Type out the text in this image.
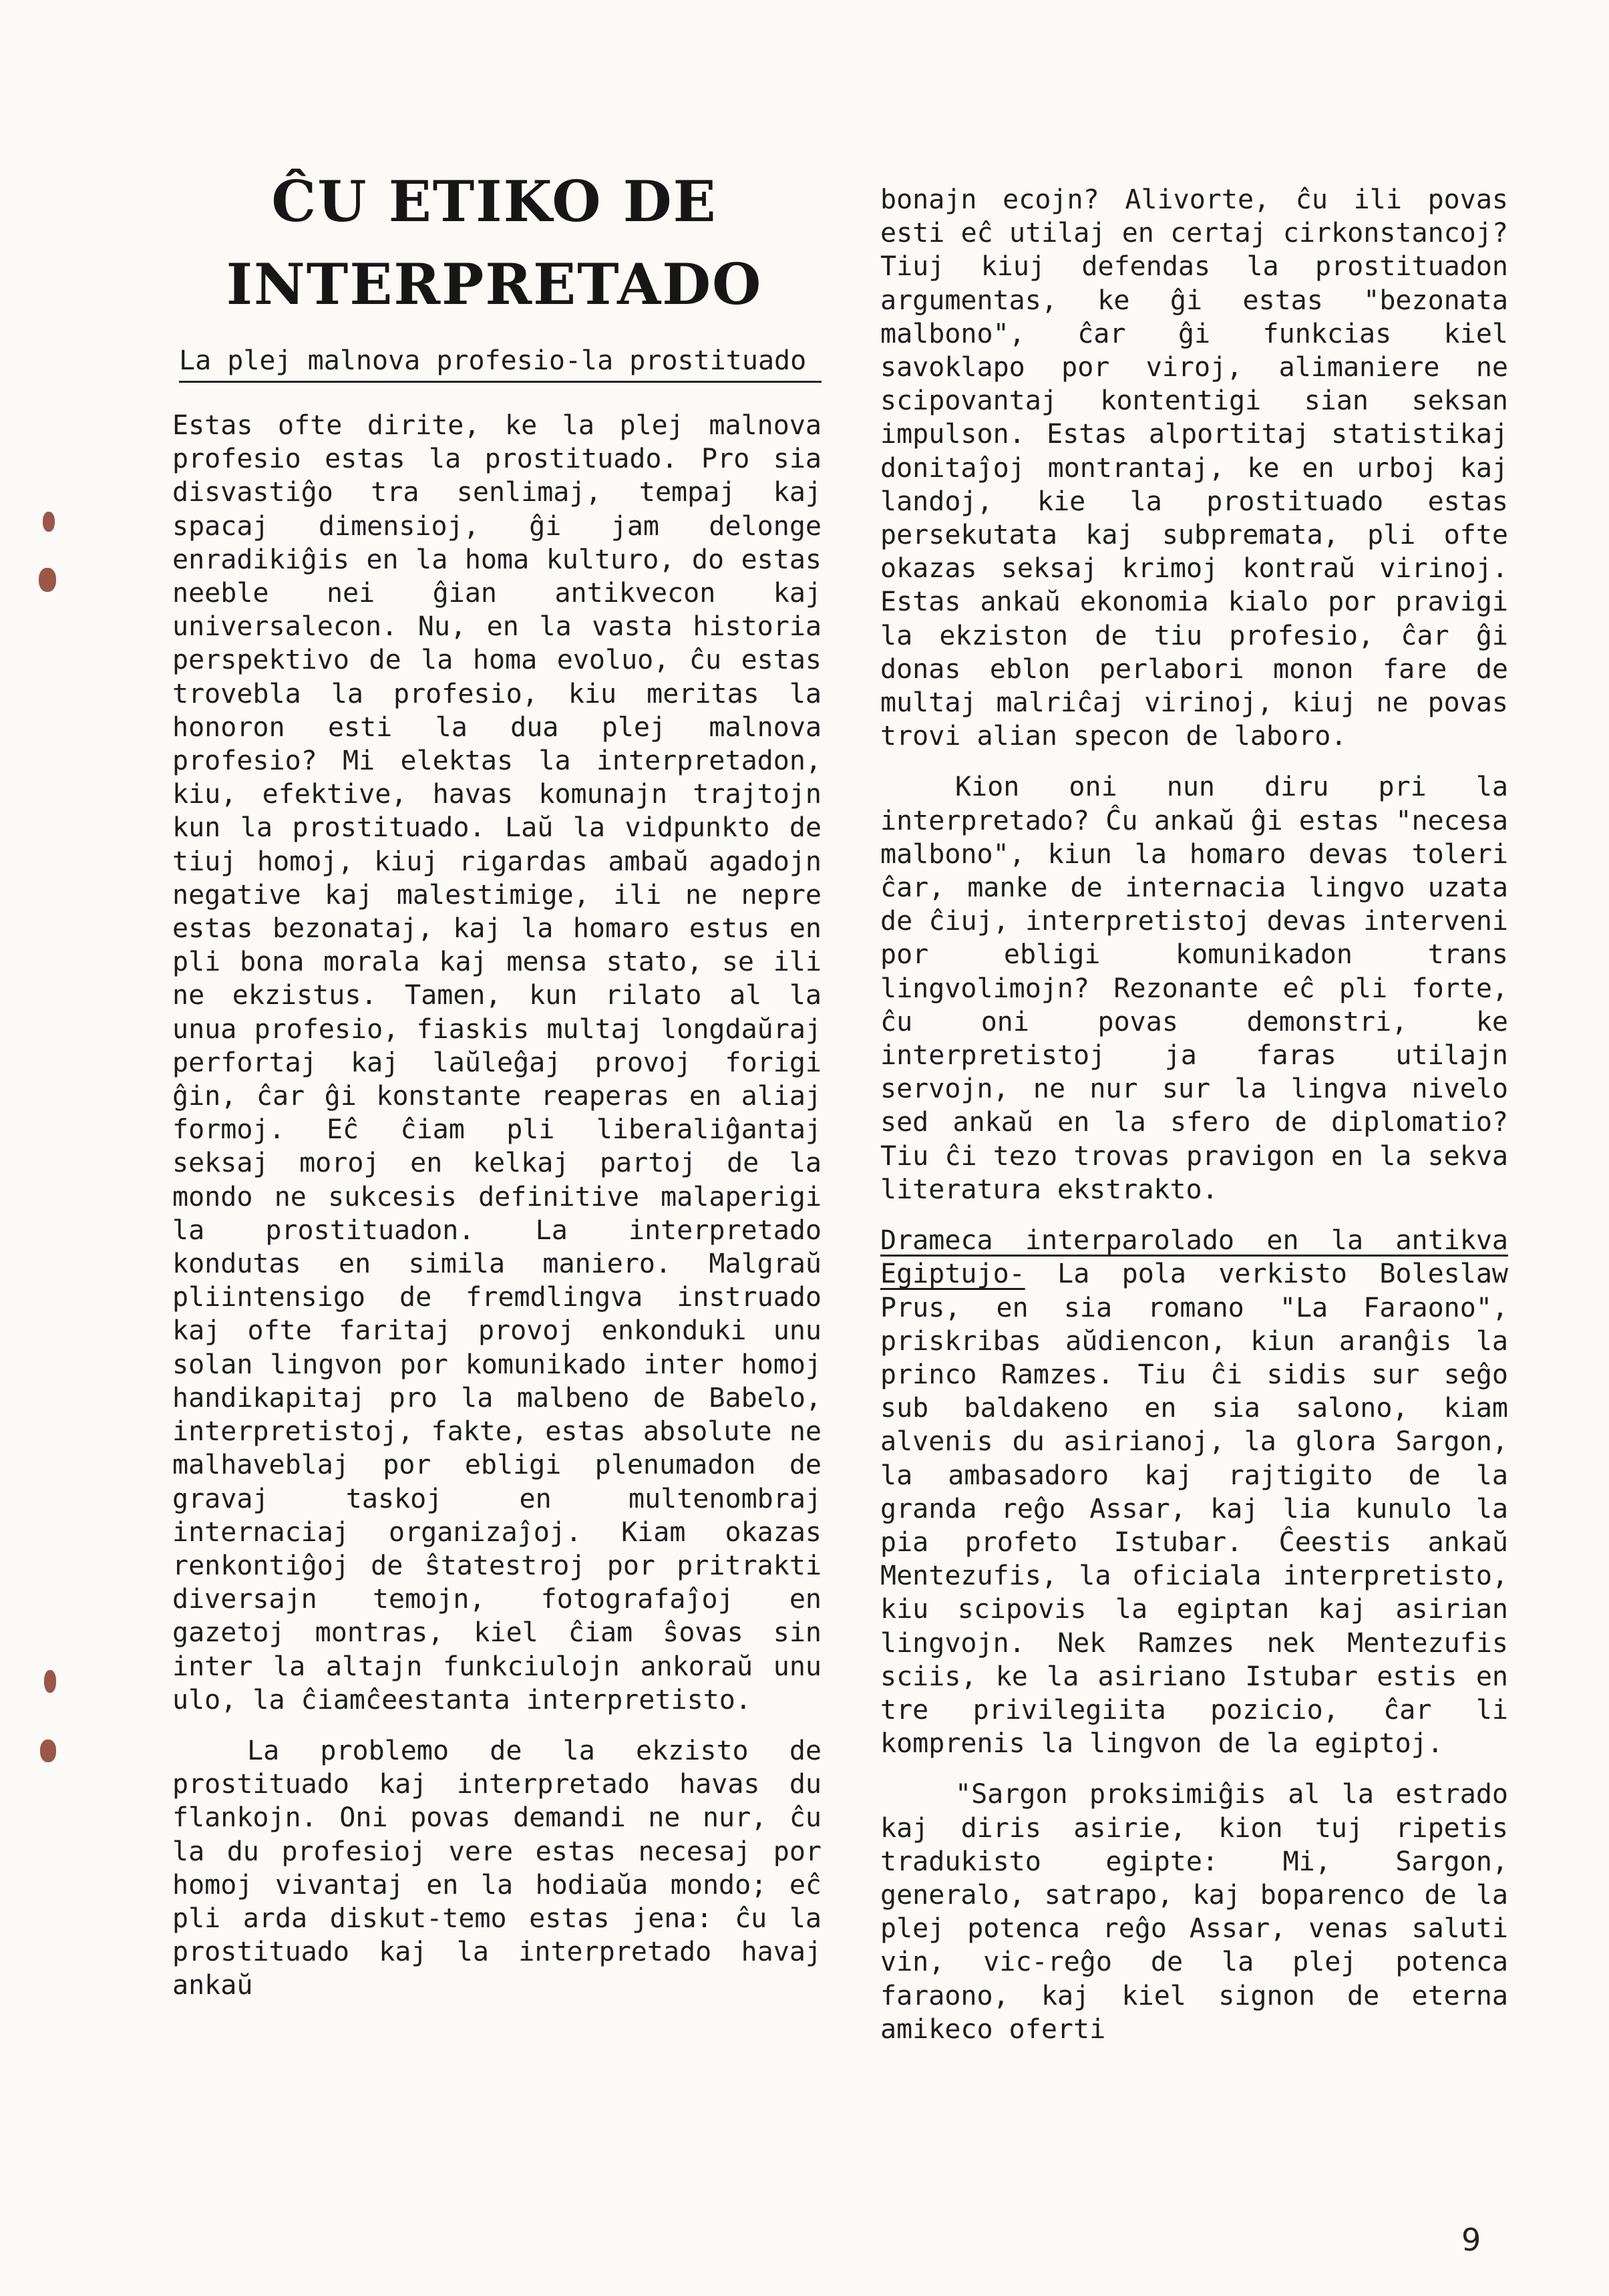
ĈU ETIKO DE
INTERPRETADO
La plej malnova profesio-la prostituado

Estas ofte dirite, ke la plej malnova profesio estas la prostituado. Pro sia disvastiĝo tra senlimaj, tempaj kaj spacaj dimensioj, ĝi jam delonge enradikiĝis en la homa kulturo, do estas neeble nei ĝian antikvecon kaj universalecon. Nu, en la vasta historia perspektivo de la homa evoluo, ĉu estas trovebla la profesio, kiu meritas la honoron esti la dua plej malnova profesio? Mi elektas la interpretadon, kiu, efektive, havas komunajn trajtojn kun la prostituado. Laŭ la vidpunkto de tiuj homoj, kiuj rigardas ambaŭ agadojn negative kaj malestimige, ili ne nepre estas bezonataj, kaj la homaro estus en pli bona morala kaj mensa stato, se ili ne ekzistus. Tamen, kun rilato al la unua profesio, fiaskis multaj longdaŭraj perfortaj kaj laŭleĝaj provoj forigi ĝin, ĉar ĝi konstante reaperas en aliaj formoj. Eĉ ĉiam pli liberaliĝantaj seksaj moroj en kelkaj partoj de la mondo ne sukcesis definitive malaperigi la prostituadon. La interpretado kondutas en simila maniero. Malgraŭ pliintensigo de fremdlingva instruado kaj ofte faritaj provoj enkonduki unu solan lingvon por komunikado inter homoj handikapitaj pro la malbeno de Babelo, interpretistoj, fakte, estas absolute ne malhaveblaj por ebligi plenumadon de gravaj taskoj en multenombraj internaciaj organizaĵoj. Kiam okazas renkontiĝoj de ŝtatestroj por pritrakti diversajn temojn, fotografaĵoj en gazetoj montras, kiel ĉiam ŝovas sin inter la altajn funkciulojn ankoraŭ unu ulo, la ĉiamĉeestanta interpretisto.

La problemo de la ekzisto de prostituado kaj interpretado havas du flankojn. Oni povas demandi ne nur, ĉu la du profesioj vere estas necesaj por homoj vivantaj en la hodiaŭa mondo; eĉ pli arda diskut-temo estas jena: ĉu la prostituado kaj la interpretado havaj ankaŭ

bonajn ecojn? Alivorte, ĉu ili povas esti eĉ utilaj en certaj cirkonstancoj? Tiuj kiuj defendas la prostituadon argumentas, ke ĝi estas "bezonata malbono", ĉar ĝi funkcias kiel savoklapo por viroj, alimaniere ne scipovantaj kontentigi sian seksan impulson. Estas alportitaj statistikaj donitaĵoj montrantaj, ke en urboj kaj landoj, kie la prostituado estas persekutata kaj subpremata, pli ofte okazas seksaj krimoj kontraŭ virinoj. Estas ankaŭ ekonomia kialo por pravigi la ekziston de tiu profesio, ĉar ĝi donas eblon perlabori monon fare de multaj malriĉaj virinoj, kiuj ne povas trovi alian specon de laboro.

Kion oni nun diru pri la interpretado? Ĉu ankaŭ ĝi estas "necesa malbono", kiun la homaro devas toleri ĉar, manke de internacia lingvo uzata de ĉiuj, interpretistoj devas interveni por ebligi komunikadon trans lingvolimojn? Rezonante eĉ pli forte, ĉu oni povas demonstri, ke interpretistoj ja faras utilajn servojn, ne nur sur la lingva nivelo sed ankaŭ en la sfero de diplomatio? Tiu ĉi tezo trovas pravigon en la sekva literatura ekstrakto.

Drameca interparolado en la antikva Egiptujo- La pola verkisto Boleslaw Prus, en sia romano "La Faraono", priskribas aŭdiencon, kiun aranĝis la princo Ramzes. Tiu ĉi sidis sur seĝo sub baldakeno en sia salono, kiam alvenis du asirianoj, la glora Sargon, la ambasadoro kaj rajtigito de la granda reĝo Assar, kaj lia kunulo la pia profeto Istubar. Ĉeestis ankaŭ Mentezufis, la oficiala interpretisto, kiu scipovis la egiptan kaj asirian lingvojn. Nek Ramzes nek Mentezufis sciis, ke la asiriano Istubar estis en tre privilegiita pozicio, ĉar li komprenis la lingvon de la egiptoj.

"Sargon proksimiĝis al la estrado kaj diris asirie, kion tuj ripetis tradukisto egipte: Mi, Sargon, generalo, satrapo, kaj boparenco de la plej potenca reĝo Assar, venas saluti vin, vic-reĝo de la plej potenca faraono, kaj kiel signon de eterna amikeco oferti

9
